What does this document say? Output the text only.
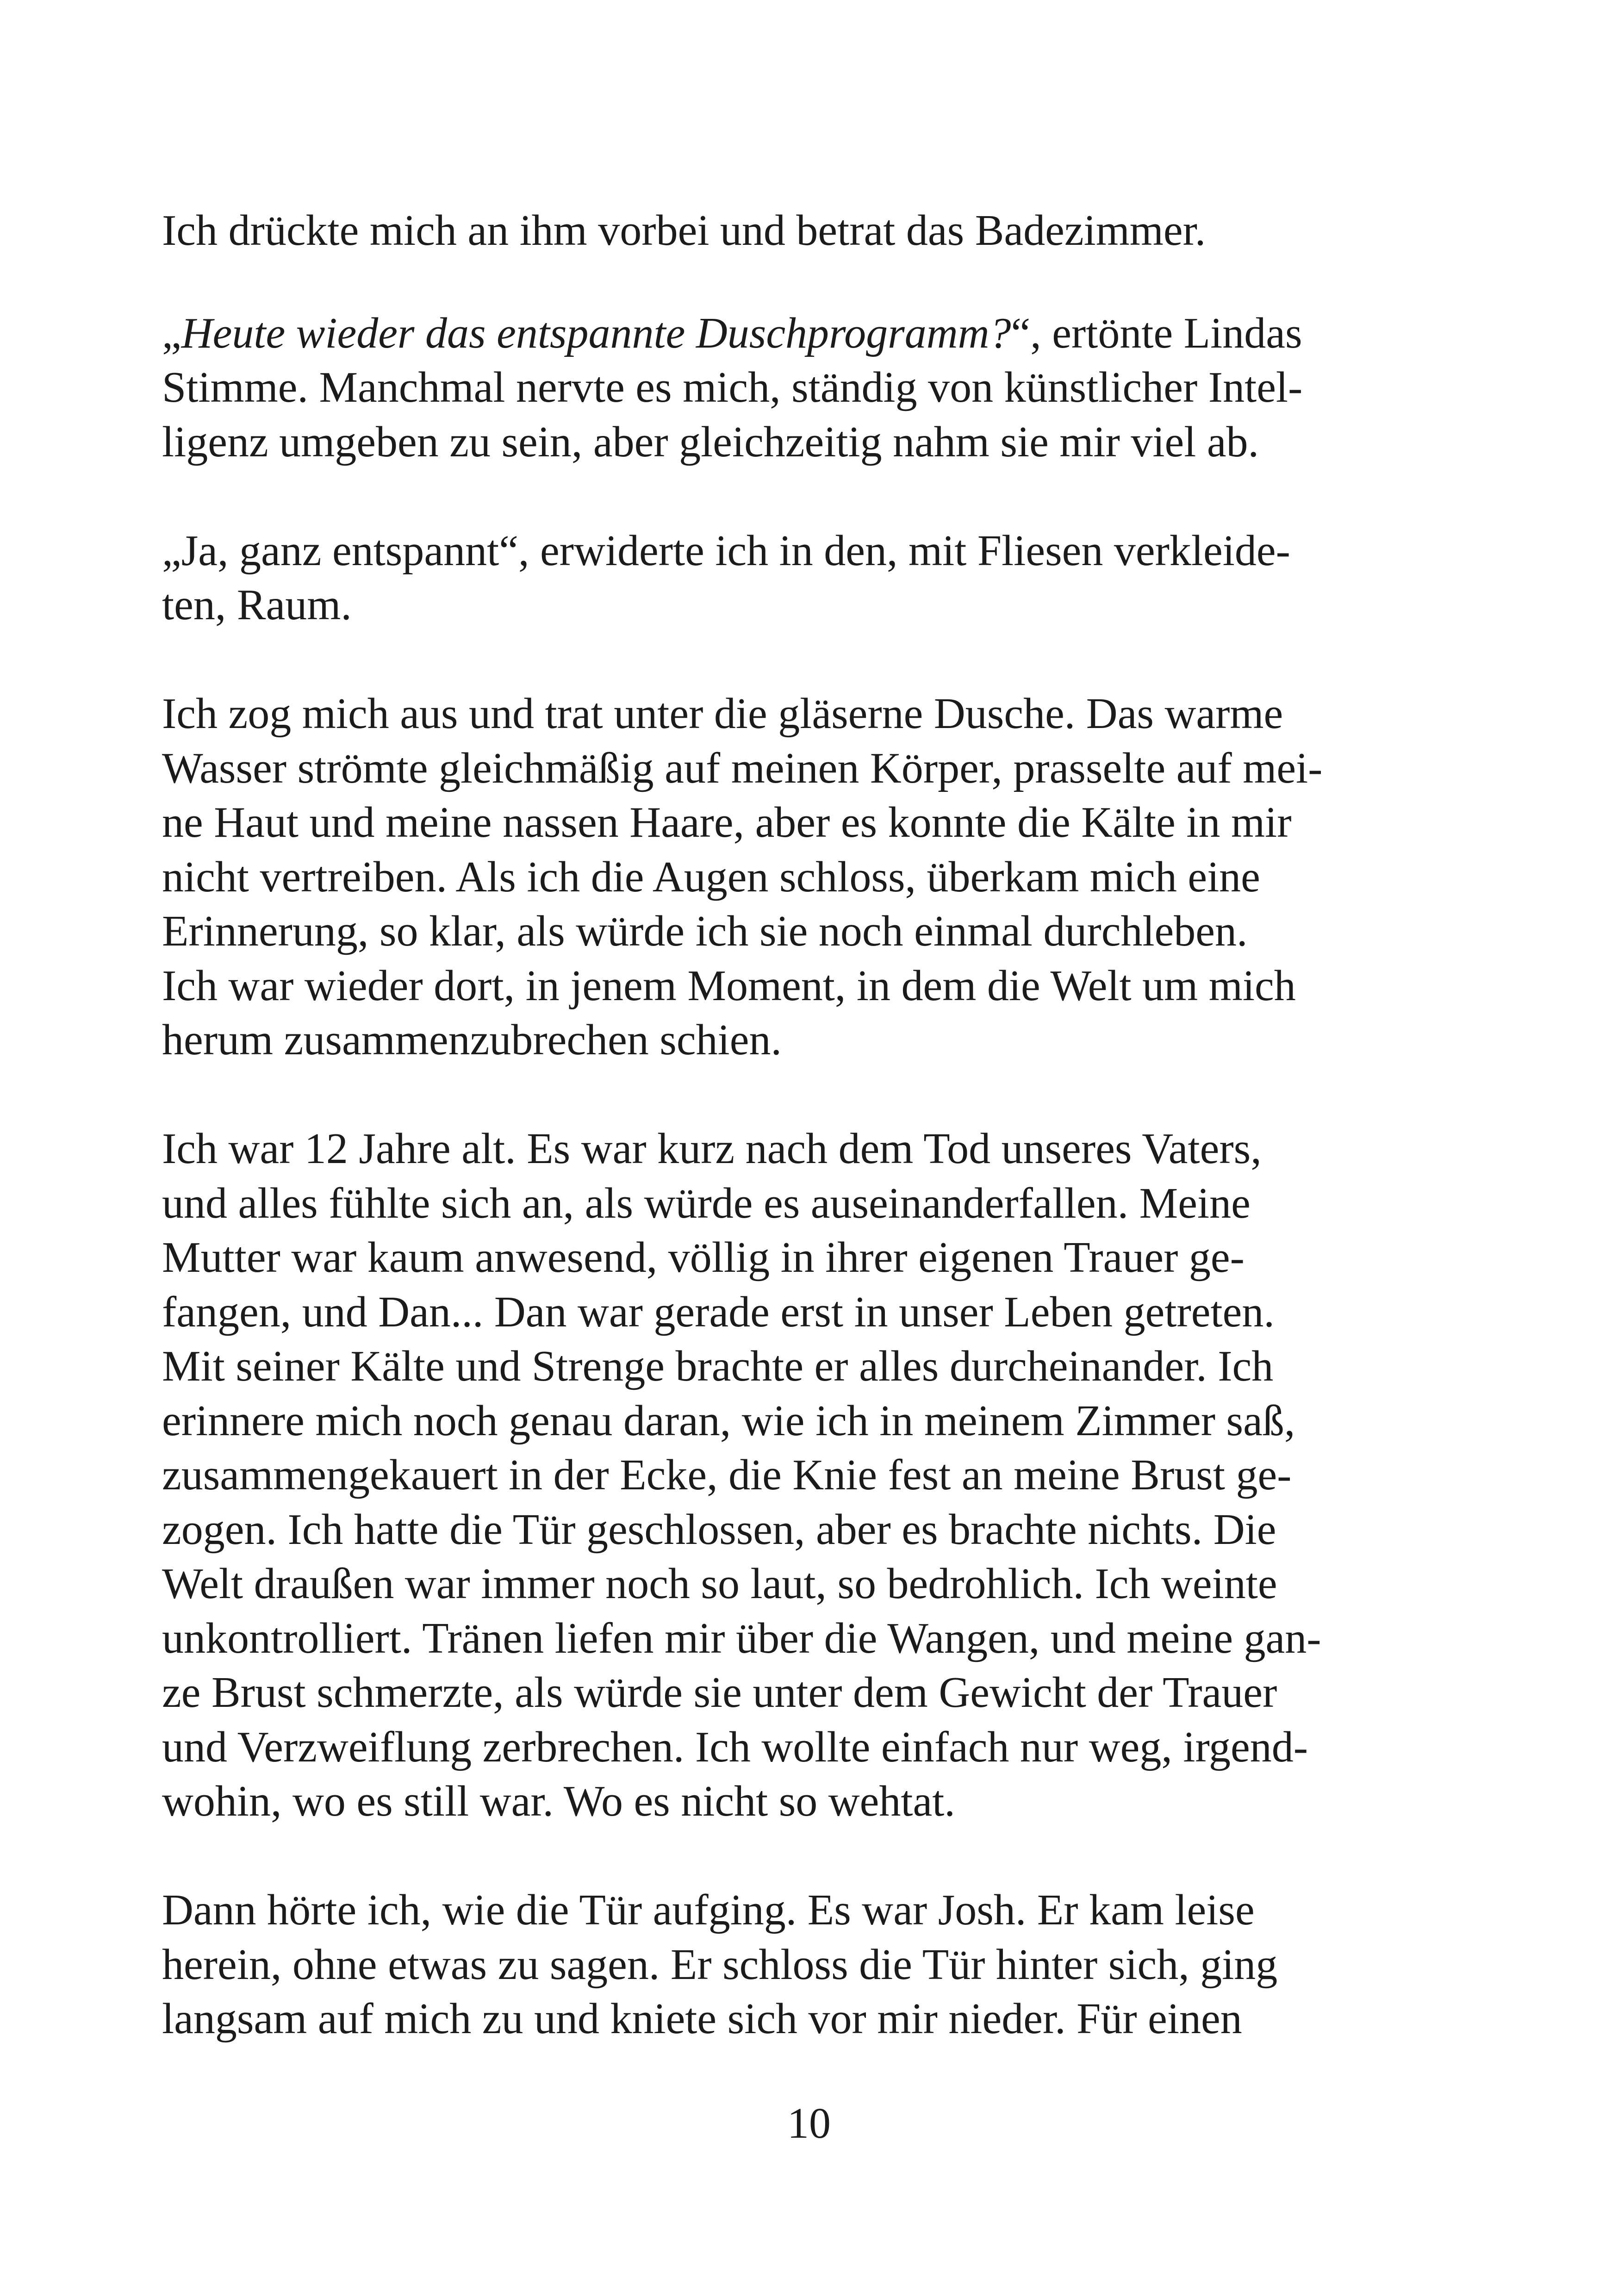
Ich drückte mich an ihm vorbei und betrat das Badezimmer.
„Heute wieder das entspannte Duschprogramm?“, ertönte Lindas
Stimme. Manchmal nervte es mich, ständig von künstlicher Intel-
ligenz umgeben zu sein, aber gleichzeitig nahm sie mir viel ab.
„Ja, ganz entspannt“, erwiderte ich in den, mit Fliesen verkleide-
ten, Raum.
Ich zog mich aus und trat unter die gläserne Dusche. Das warme
Wasser strömte gleichmäßig auf meinen Körper, prasselte auf mei-
ne Haut und meine nassen Haare, aber es konnte die Kälte in mir
nicht vertreiben. Als ich die Augen schloss, überkam mich eine
Erinnerung, so klar, als würde ich sie noch einmal durchleben.
Ich war wieder dort, in jenem Moment, in dem die Welt um mich
herum zusammenzubrechen schien.
Ich war 12 Jahre alt. Es war kurz nach dem Tod unseres Vaters,
und alles fühlte sich an, als würde es auseinanderfallen. Meine
Mutter war kaum anwesend, völlig in ihrer eigenen Trauer ge-
fangen, und Dan... Dan war gerade erst in unser Leben getreten.
Mit seiner Kälte und Strenge brachte er alles durcheinander. Ich
erinnere mich noch genau daran, wie ich in meinem Zimmer saß,
zusammengekauert in der Ecke, die Knie fest an meine Brust ge-
zogen. Ich hatte die Tür geschlossen, aber es brachte nichts. Die
Welt draußen war immer noch so laut, so bedrohlich. Ich weinte
unkontrolliert. Tränen liefen mir über die Wangen, und meine gan-
ze Brust schmerzte, als würde sie unter dem Gewicht der Trauer
und Verzweiflung zerbrechen. Ich wollte einfach nur weg, irgend-
wohin, wo es still war. Wo es nicht so wehtat.
Dann hörte ich, wie die Tür aufging. Es war Josh. Er kam leise
herein, ohne etwas zu sagen. Er schloss die Tür hinter sich, ging
langsam auf mich zu und kniete sich vor mir nieder. Für einen
10
